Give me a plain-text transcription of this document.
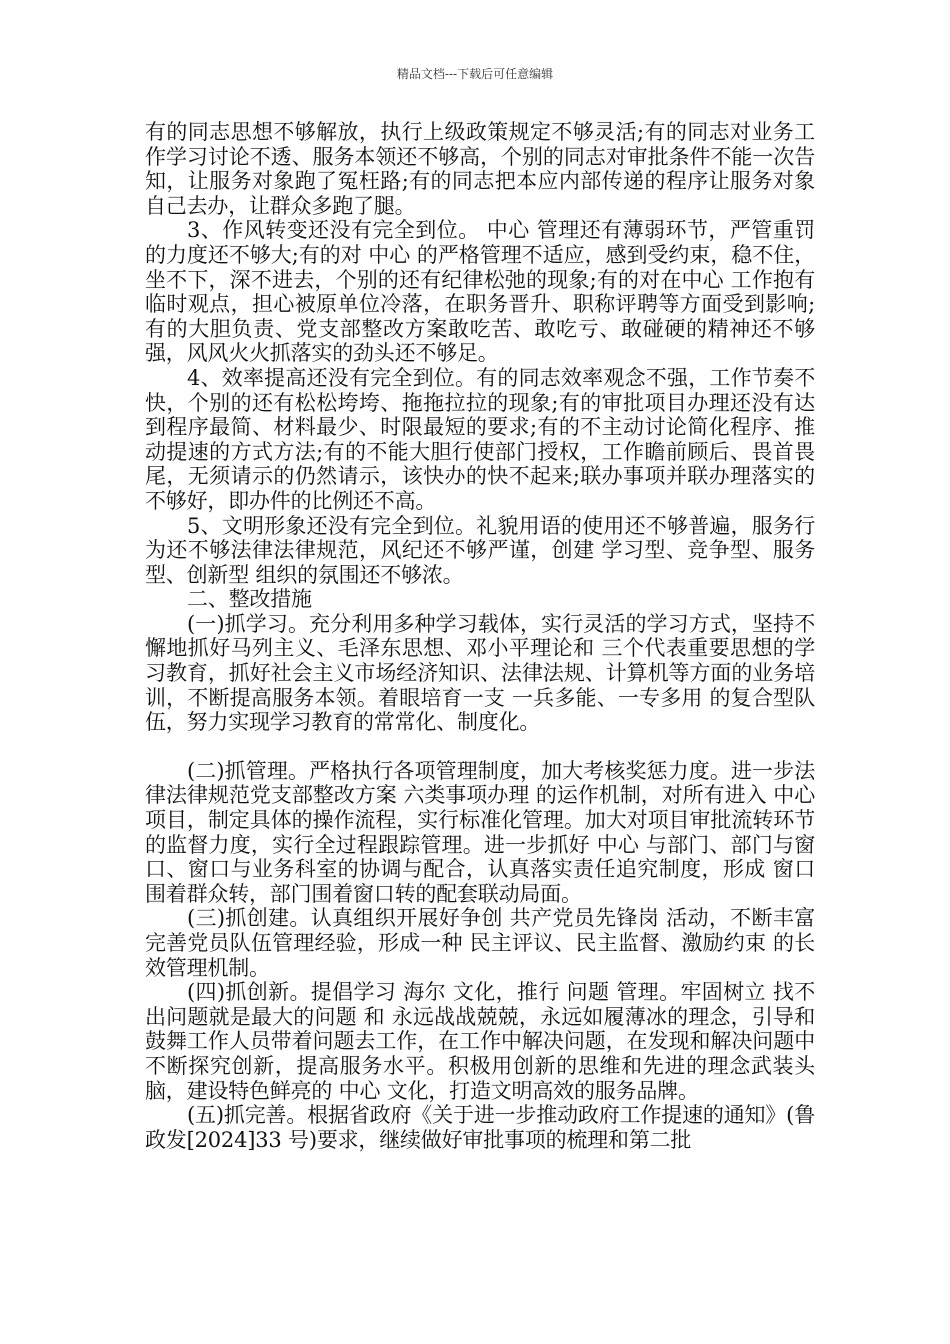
精品文档---下载后可任意编辑

有的同志思想不够解放，执行上级政策规定不够灵活;有的同志对业务工作学习讨论不透、服务本领还不够高，个别的同志对审批条件不能一次告知，让服务对象跑了冤枉路;有的同志把本应内部传递的程序让服务对象自己去办，让群众多跑了腿。

3、作风转变还没有完全到位。 中心 管理还有薄弱环节，严管重罚的力度还不够大;有的对 中心 的严格管理不适应，感到受约束，稳不住，坐不下，深不进去，个别的还有纪律松弛的现象;有的对在中心 工作抱有临时观点，担心被原单位冷落，在职务晋升、职称评聘等方面受到影响;有的大胆负责、党支部整改方案敢吃苦、敢吃亏、敢碰硬的精神还不够强，风风火火抓落实的劲头还不够足。

4、效率提高还没有完全到位。有的同志效率观念不强，工作节奏不快，个别的还有松松垮垮、拖拖拉拉的现象;有的审批项目办理还没有达到程序最简、材料最少、时限最短的要求;有的不主动讨论简化程序、推动提速的方式方法;有的不能大胆行使部门授权，工作瞻前顾后、畏首畏尾，无须请示的仍然请示，该快办的快不起来;联办事项并联办理落实的不够好，即办件的比例还不高。

5、文明形象还没有完全到位。礼貌用语的使用还不够普遍，服务行为还不够法律法律规范，风纪还不够严谨，创建 学习型、竞争型、服务型、创新型 组织的氛围还不够浓。

二、整改措施

(一)抓学习。充分利用多种学习载体，实行灵活的学习方式，坚持不懈地抓好马列主义、毛泽东思想、邓小平理论和 三个代表重要思想的学习教育，抓好社会主义市场经济知识、法律法规、计算机等方面的业务培训，不断提高服务本领。着眼培育一支 一兵多能、一专多用 的复合型队伍，努力实现学习教育的常常化、制度化。

(二)抓管理。严格执行各项管理制度，加大考核奖惩力度。进一步法律法律规范党支部整改方案 六类事项办理 的运作机制，对所有进入 中心 项目，制定具体的操作流程，实行标准化管理。加大对项目审批流转环节的监督力度，实行全过程跟踪管理。进一步抓好 中心 与部门、部门与窗口、窗口与业务科室的协调与配合，认真落实责任追究制度，形成 窗口围着群众转，部门围着窗口转的配套联动局面。

(三)抓创建。认真组织开展好争创 共产党员先锋岗 活动，不断丰富完善党员队伍管理经验，形成一种 民主评议、民主监督、激励约束 的长效管理机制。

(四)抓创新。提倡学习 海尔 文化，推行 问题 管理。牢固树立 找不出问题就是最大的问题 和 永远战战兢兢，永远如履薄冰的理念，引导和鼓舞工作人员带着问题去工作，在工作中解决问题，在发现和解决问题中不断探究创新，提高服务水平。积极用创新的思维和先进的理念武装头脑，建设特色鲜亮的 中心 文化，打造文明高效的服务品牌。

(五)抓完善。根据省政府《关于进一步推动政府工作提速的通知》(鲁政发[2024]33 号)要求，继续做好审批事项的梳理和第二批
